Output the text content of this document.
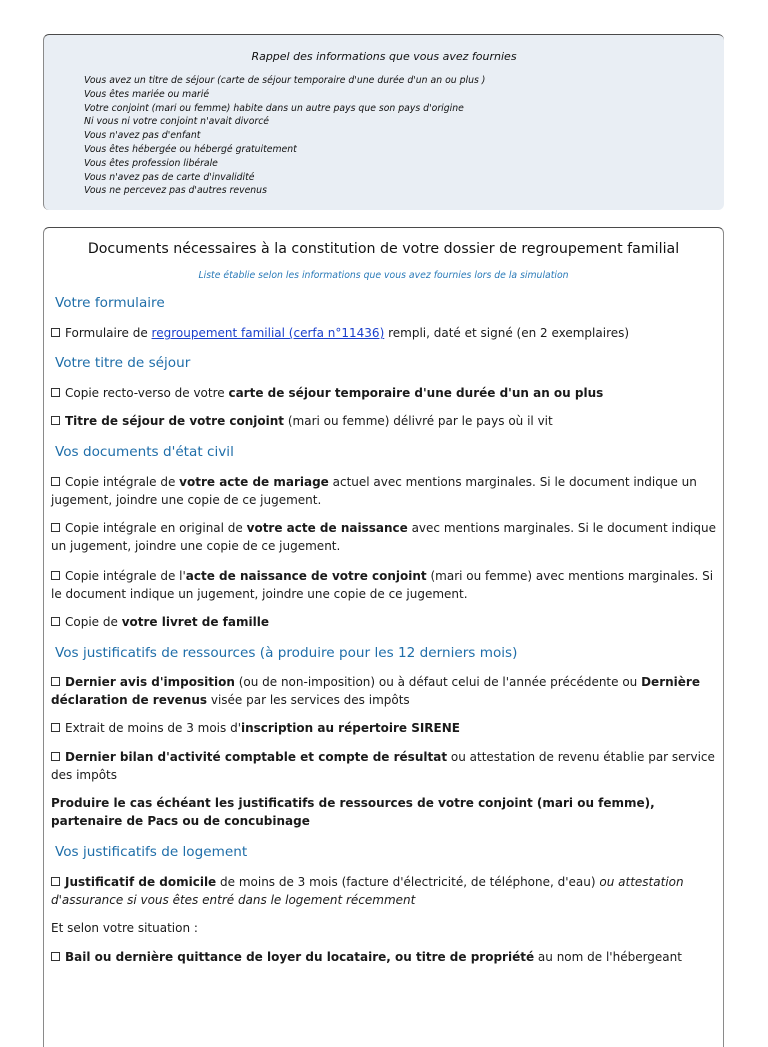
Rappel des informations que vous avez fournies
Vous avez un titre de séjour (carte de séjour temporaire d'une durée d'un an ou plus )
Vous êtes mariée ou marié
Votre conjoint (mari ou femme) habite dans un autre pays que son pays d'origine
Ni vous ni votre conjoint n'avait divorcé
Vous n'avez pas d'enfant
Vous êtes hébergée ou hébergé gratuitement
Vous êtes profession libérale
Vous n'avez pas de carte d'invalidité
Vous ne percevez pas d'autres revenus
Documents nécessaires à la constitution de votre dossier de regroupement familial
Liste établie selon les informations que vous avez fournies lors de la simulation
Votre formulaire
Formulaire de regroupement familial (cerfa n°11436) rempli, daté et signé (en 2 exemplaires)
Votre titre de séjour
Copie recto-verso de votre carte de séjour temporaire d'une durée d'un an ou plus
Titre de séjour de votre conjoint (mari ou femme) délivré par le pays où il vit
Vos documents d'état civil
Copie intégrale de votre acte de mariage actuel avec mentions marginales. Si le document indique un jugement, joindre une copie de ce jugement.
Copie intégrale en original de votre acte de naissance avec mentions marginales. Si le document indique un jugement, joindre une copie de ce jugement.
Copie intégrale de l'acte de naissance de votre conjoint (mari ou femme) avec mentions marginales. Si le document indique un jugement, joindre une copie de ce jugement.
Copie de votre livret de famille
Vos justificatifs de ressources (à produire pour les 12 derniers mois)
Dernier avis d'imposition (ou de non-imposition) ou à défaut celui de l'année précédente ou Dernière déclaration de revenus visée par les services des impôts
Extrait de moins de 3 mois d'inscription au répertoire SIRENE
Dernier bilan d'activité comptable et compte de résultat ou attestation de revenu établie par service des impôts
Produire le cas échéant les justificatifs de ressources de votre conjoint (mari ou femme), partenaire de Pacs ou de concubinage
Vos justificatifs de logement
Justificatif de domicile de moins de 3 mois (facture d'électricité, de téléphone, d'eau) ou attestation d'assurance si vous êtes entré dans le logement récemment
Et selon votre situation :
Bail ou dernière quittance de loyer du locataire, ou titre de propriété au nom de l'hébergeant
